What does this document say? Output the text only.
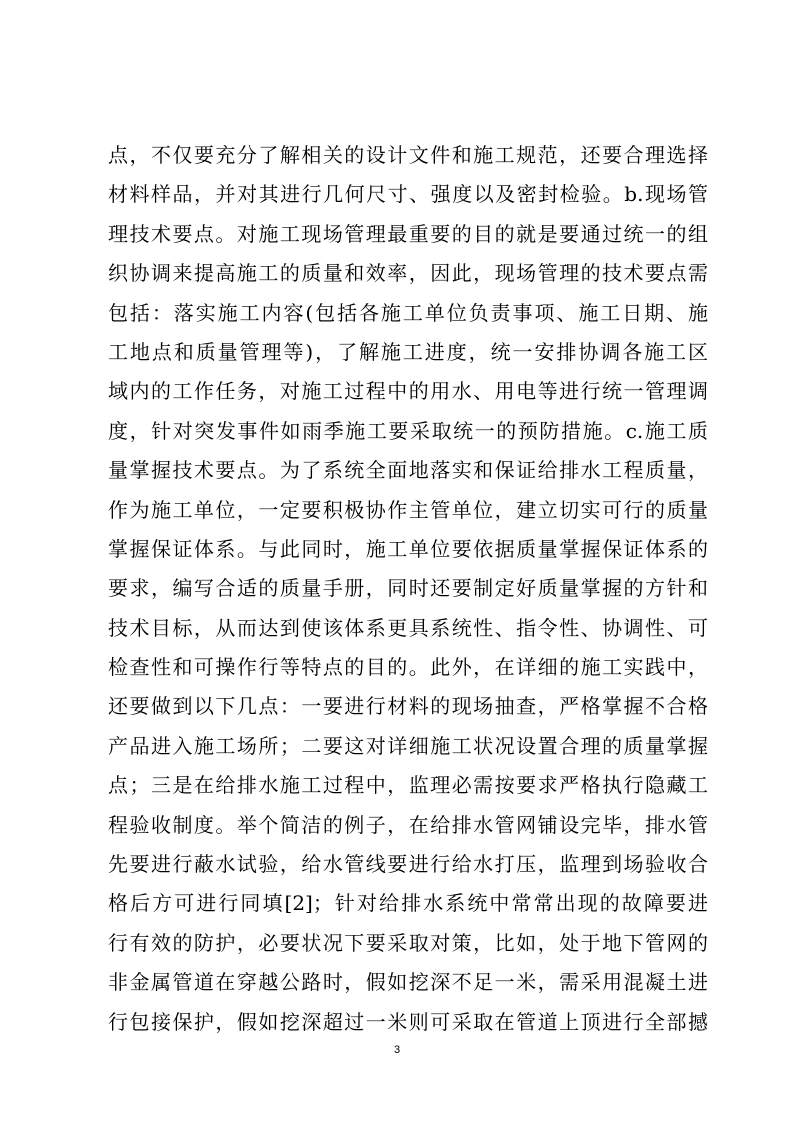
点，不仅要充分了解相关的设计文件和施工规范，还要合理选择
材料样品，并对其进行几何尺寸、强度以及密封检验。b.现场管
理技术要点。对施工现场管理最重要的目的就是要通过统一的组
织协调来提高施工的质量和效率，因此，现场管理的技术要点需
包括：落实施工内容(包括各施工单位负责事项、施工日期、施
工地点和质量管理等)，了解施工进度，统一安排协调各施工区
域内的工作任务，对施工过程中的用水、用电等进行统一管理调
度，针对突发事件如雨季施工要采取统一的预防措施。c.施工质
量掌握技术要点。为了系统全面地落实和保证给排水工程质量，
作为施工单位，一定要积极协作主管单位，建立切实可行的质量
掌握保证体系。与此同时，施工单位要依据质量掌握保证体系的
要求，编写合适的质量手册，同时还要制定好质量掌握的方针和
技术目标，从而达到使该体系更具系统性、指令性、协调性、可
检查性和可操作行等特点的目的。此外，在详细的施工实践中，
还要做到以下几点：一要进行材料的现场抽查，严格掌握不合格
产品进入施工场所；二要这对详细施工状况设置合理的质量掌握
点；三是在给排水施工过程中，监理必需按要求严格执行隐藏工
程验收制度。举个简洁的例子，在给排水管网铺设完毕，排水管
先要进行蔽水试验，给水管线要进行给水打压，监理到场验收合
格后方可进行同填[2]；针对给排水系统中常常出现的故障要进
行有效的防护，必要状况下要采取对策，比如，处于地下管网的
非金属管道在穿越公路时，假如挖深不足一米，需采用混凝土进
行包接保护，假如挖深超过一米则可采取在管道上顶进行全部撼
3
